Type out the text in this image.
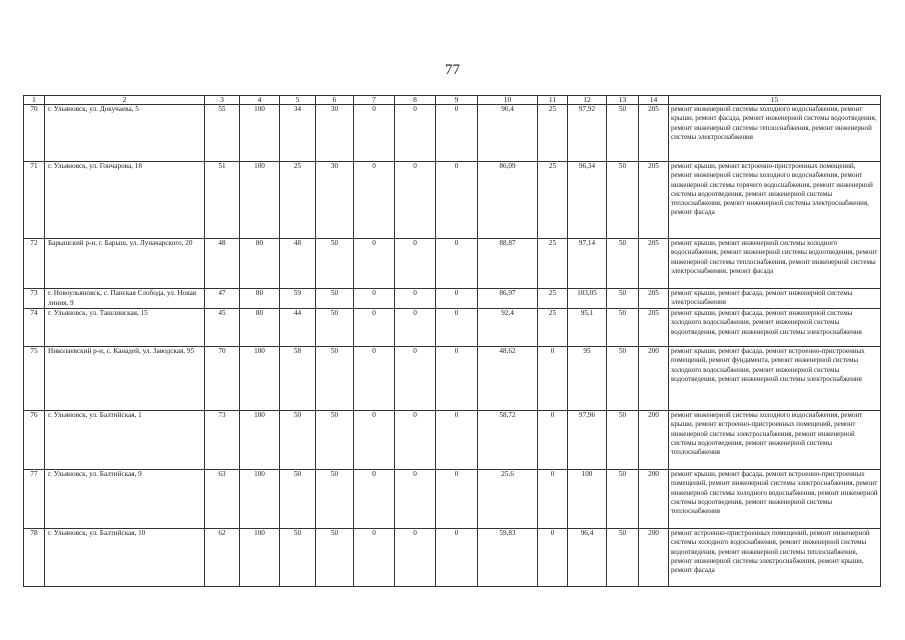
77
1	2	3	4	5	6	7	8	9	10	11	12	13	14	15
70	г. Ульяновск, ул. Докучаева, 5	55	100	34	30	0	0	0	96,4	25	97,92	50	205	ремонт инженерной системы холодного водоснабжения, ремонт крыши, ремонт фасада, ремонт инженерной системы водоотведения, ремонт инженерной системы теплоснабжения, ремонт инженерной системы электроснабжения
71	г. Ульяновск, ул. Гончарова, 18	51	100	25	30	0	0	0	86,09	25	96,34	50	205	ремонт крыши, ремонт встроенно-пристроенных помещений, ремонт инженерной системы холодного водоснабжения, ремонт инженерной системы горячего водоснабжения, ремонт инженерной системы водоотведения, ремонт инженерной системы теплоснабжения, ремонт инженерной системы электроснабжения, ремонт фасада
72	Барышский р-н, г. Барыш, ул. Луначарского, 20	48	80	48	50	0	0	0	88,87	25	97,14	50	205	ремонт крыши, ремонт инженерной системы холодного водоснабжения, ремонт инженерной системы водоотведения, ремонт инженерной системы теплоснабжения, ремонт инженерной системы электроснабжения, ремонт фасада
73	г. Новоульяновск, с. Панская Слобода, ул. Новая линия, 9	47	80	59	50	0	0	0	86,97	25	103,05	50	205	ремонт крыши, ремонт фасада, ремонт инженерной системы электроснабжения
74	г. Ульяновск, ул. Ташлинская, 15	45	80	44	50	0	0	0	92,4	25	95,1	50	205	ремонт крыши, ремонт фасада, ремонт инженерной системы холодного водоснабжения, ремонт инженерной системы водоотведения, ремонт инженерной системы электроснабжения
75	Николаевский р-н, с. Канадей, ул. Заводская, 95	70	100	58	50	0	0	0	48,62	0	95	50	200	ремонт крыши, ремонт фасада, ремонт встроенно-пристроенных помещений, ремонт фундамента, ремонт инженерной системы холодного водоснабжения, ремонт инженерной системы водоотведения, ремонт инженерной системы электроснабжения
76	г. Ульяновск, ул. Балтийская, 1	73	100	50	50	0	0	0	58,72	0	97,96	50	200	ремонт инженерной системы холодного водоснабжения, ремонт крыши, ремонт встроенно-пристроенных помещений, ремонт инженерной системы электроснабжения, ремонт инженерной системы водоотведения, ремонт инженерной системы теплоснабжения
77	г. Ульяновск, ул. Балтийская, 9	63	100	50	50	0	0	0	25,6	0	100	50	200	ремонт крыши, ремонт фасада, ремонт встроенно-пристроенных помещений, ремонт инженерной системы электроснабжения, ремонт инженерной системы холодного водоснабжения, ремонт инженерной системы водоотведения, ремонт инженерной системы теплоснабжения
78	г. Ульяновск, ул. Балтийская, 10	62	100	50	50	0	0	0	59,83	0	96,4	50	200	ремонт встроенно-пристроенных помещений, ремонт инженерной системы холодного водоснабжения, ремонт инженерной системы водоотведения, ремонт инженерной системы теплоснабжения, ремонт инженерной системы электроснабжения, ремонт крыши, ремонт фасада
